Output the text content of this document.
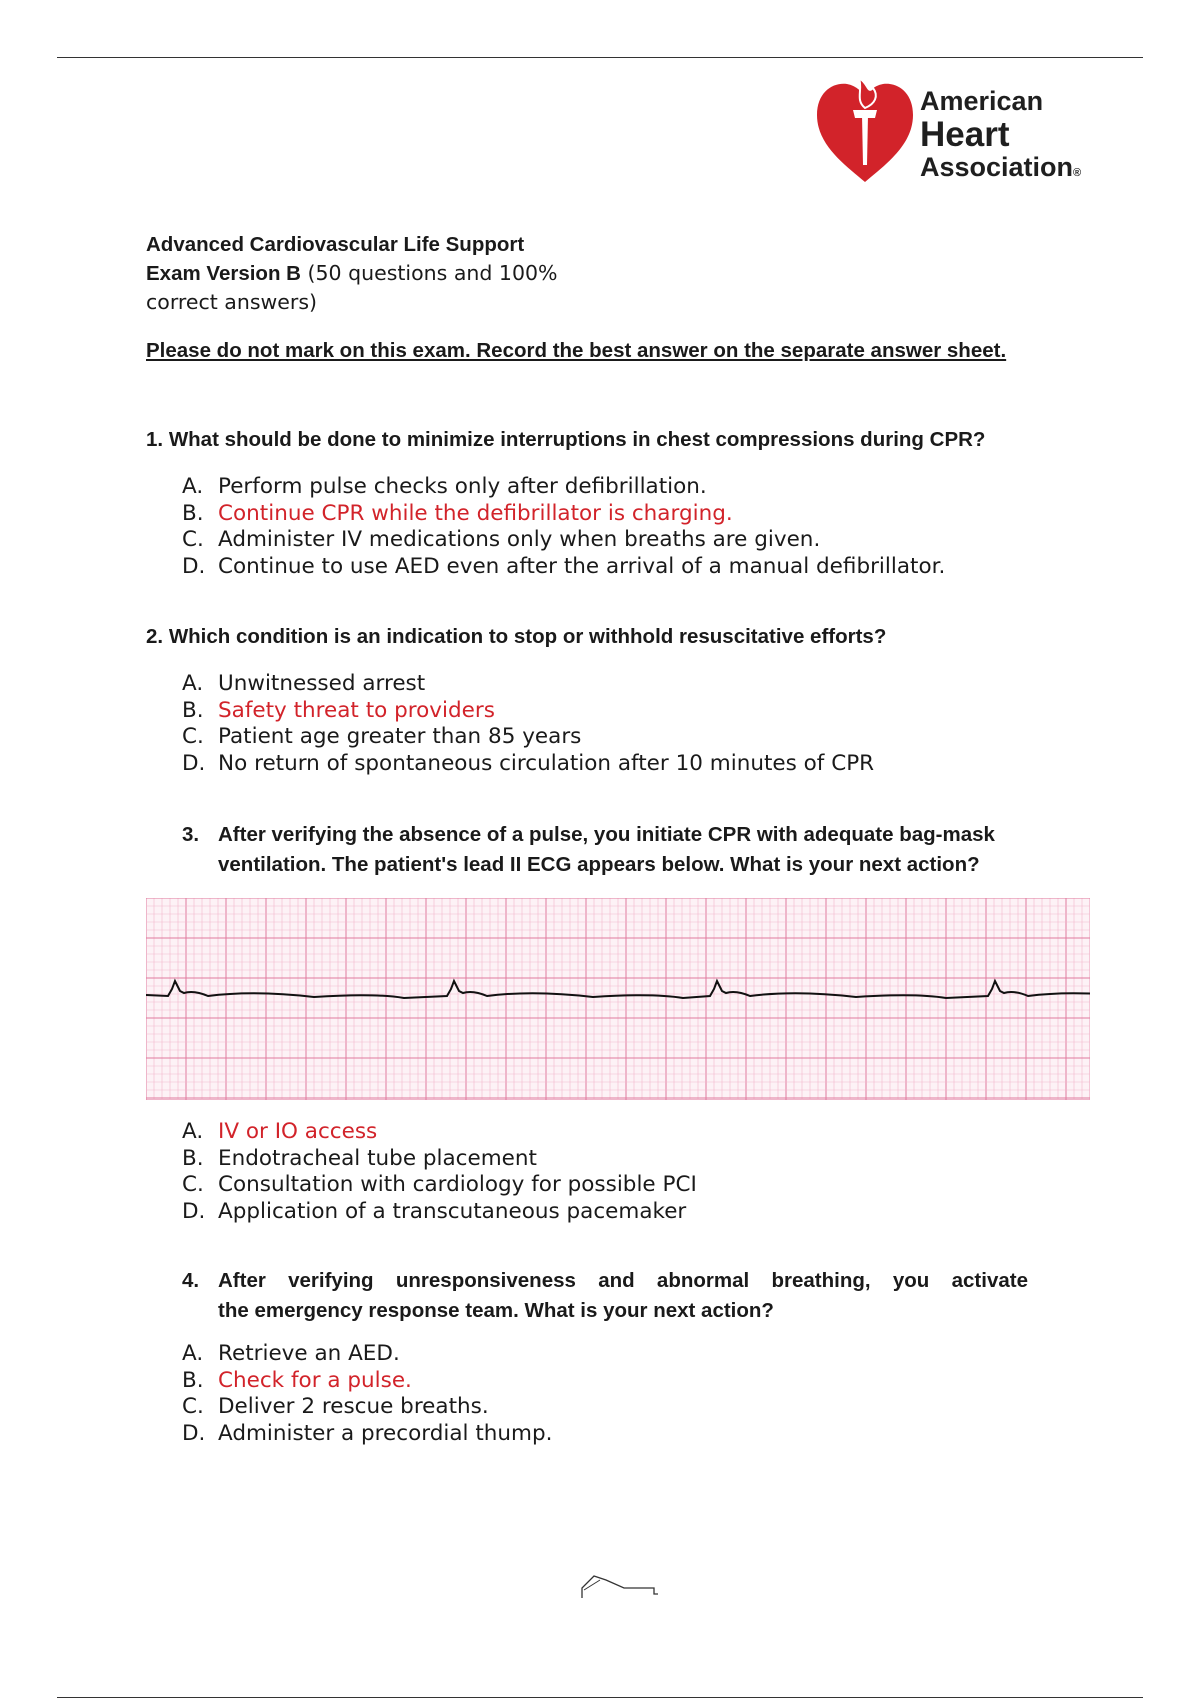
American
Heart
Association®
Advanced Cardiovascular Life Support
Exam Version B (50 questions and 100%
correct answers)
Please do not mark on this exam. Record the best answer on the separate answer sheet.
1. What should be done to minimize interruptions in chest compressions during CPR?
A. Perform pulse checks only after defibrillation.
B. Continue CPR while the defibrillator is charging.
C. Administer IV medications only when breaths are given.
D. Continue to use AED even after the arrival of a manual defibrillator.
2. Which condition is an indication to stop or withhold resuscitative efforts?
A. Unwitnessed arrest
B. Safety threat to providers
C. Patient age greater than 85 years
D. No return of spontaneous circulation after 10 minutes of CPR
3. After verifying the absence of a pulse, you initiate CPR with adequate bag-mask
ventilation. The patient's lead II ECG appears below. What is your next action?
A. IV or IO access
B. Endotracheal tube placement
C. Consultation with cardiology for possible PCI
D. Application of a transcutaneous pacemaker
4. After verifying unresponsiveness and abnormal breathing, you activate
the emergency response team. What is your next action?
A. Retrieve an AED.
B. Check for a pulse.
C. Deliver 2 rescue breaths.
D. Administer a precordial thump.
